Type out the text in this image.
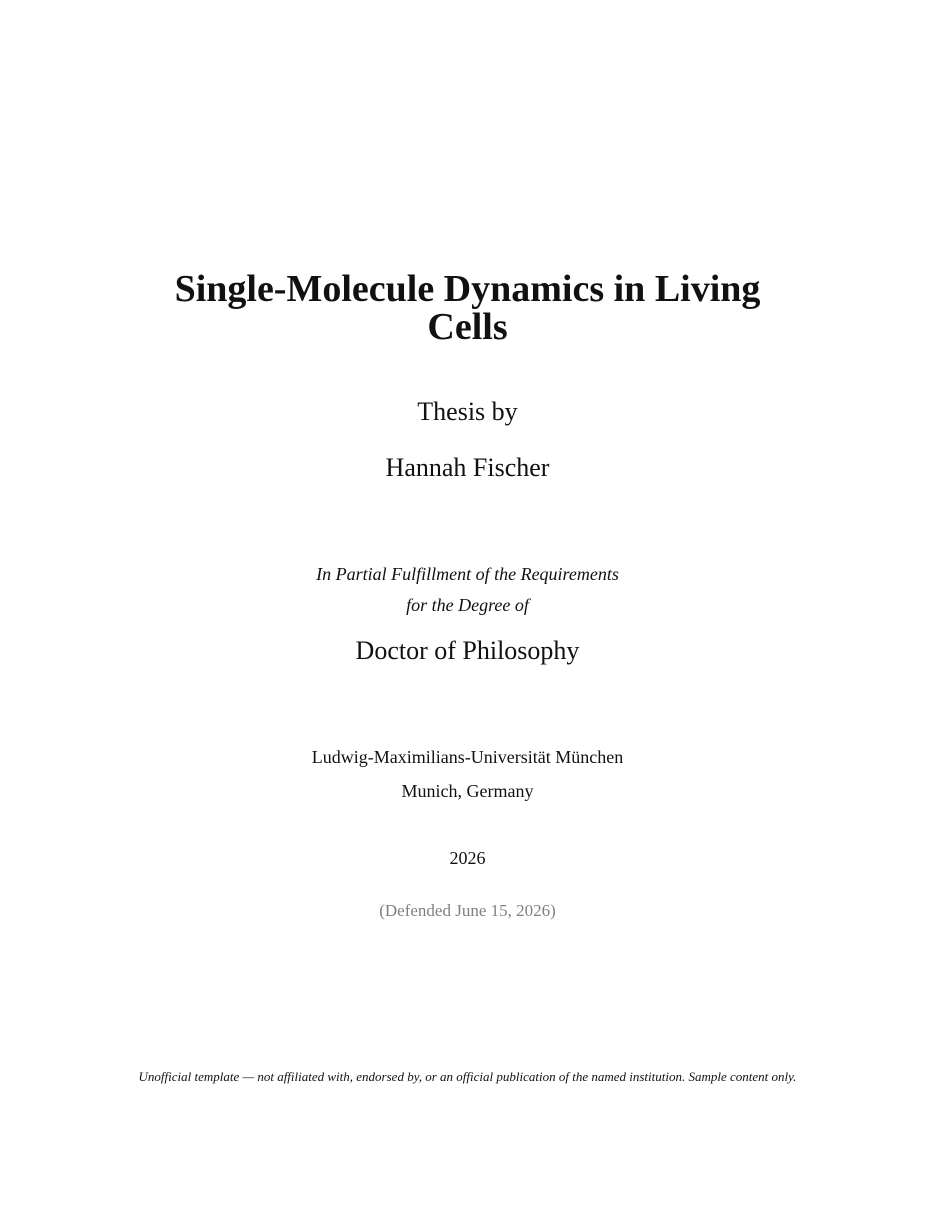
Single-Molecule Dynamics in Living Cells
Thesis by
Hannah Fischer
In Partial Fulfillment of the Requirements
for the Degree of
Doctor of Philosophy
Ludwig-Maximilians-Universität München
Munich, Germany
2026
(Defended June 15, 2026)
Unofficial template — not affiliated with, endorsed by, or an official publication of the named institution. Sample content only.
